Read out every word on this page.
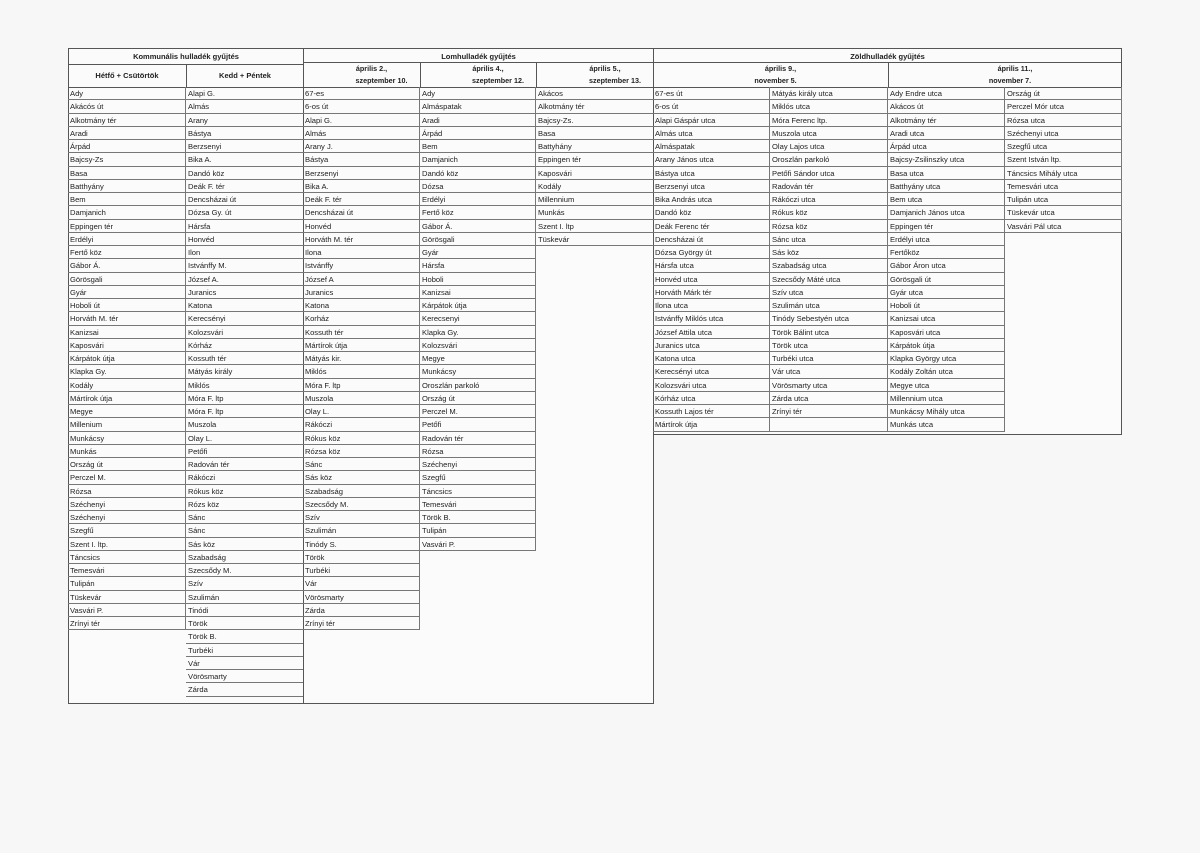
Kommunális hulladék gyűjtés
Hétfő + Csütörtök	Kedd + Péntek
Ady
Akácós út
Alkotmány tér
Aradi
Árpád
Bajcsy-Zs
Basa
Batthyány
Bem
Damjanich
Eppingen tér
Erdélyi
Fertő köz
Gábor Á.
Görösgali
Gyár
Hoboli út
Horváth M. tér
Kanizsai
Kaposvári
Kárpátok útja
Klapka Gy.
Kodály
Mártírok útja
Megye
Millenium
Munkácsy
Munkás
Ország út
Perczel M.
Rózsa
Széchenyi
Széchenyi
Szegfű
Szent I. ltp.
Táncsics
Temesvári
Tulipán
Tüskevár
Vasvári P.
Zrínyi tér
Alapi G.
Almás
Arany
Bástya
Berzsenyi
Bika A.
Dandó köz
Deák F. tér
Dencsházai út
Dózsa Gy. út
Hársfa
Honvéd
Ilon
Istvánffy M.
József A.
Juranics
Katona
Kerecsényi
Kolozsvári
Kórház
Kossuth tér
Mátyás király
Miklós
Móra F. ltp
Móra F. ltp
Muszola
Olay L.
Petőfi
Radován tér
Rákóczi
Rókus köz
Rózs köz
Sánc
Sánc
Sás köz
Szabadság
Szecsődy M.
Szív
Szulimán
Tinódi
Török
Török B.
Turbéki
Vár
Vörösmarty
Zárda
Lomhulladék gyűjtés
április 2.,
szeptember 10.
április 4.,
szeptember 12.
április 5.,
szeptember 13.
67-es
6-os út
Alapi G.
Almás
Arany J.
Bástya
Berzsenyi
Bika A.
Deák F. tér
Dencsházai út
Honvéd
Horváth M. tér
Ilona
Istvánffy
József A
Juranics
Katona
Korház
Kossuth tér
Mártírok útja
Mátyás kir.
Miklós
Móra F. ltp
Muszola
Olay L.
Rákóczi
Rókus köz
Rózsa köz
Sánc
Sás köz
Szabadság
Szecsődy M.
Szív
Szulimán
Tinódy S.
Török
Turbéki
Vár
Vörösmarty
Zárda
Zrínyi tér
Ady
Almáspatak
Aradi
Árpád
Bem
Damjanich
Dandó köz
Dózsa
Erdélyi
Fertő köz
Gábor Á.
Görösgali
Gyár
Hársfa
Hoboli
Kanizsai
Kárpátok útja
Kerecsenyi
Klapka Gy.
Kolozsvári
Megye
Munkácsy
Oroszlán parkoló
Ország út
Perczel M.
Petőfi
Radován tér
Rózsa
Széchenyi
Szegfű
Táncsics
Temesvári
Török B.
Tulipán
Vasvári P.
Akácos
Alkotmány tér
Bajcsy-Zs.
Basa
Battyhány
Eppingen tér
Kaposvári
Kodály
Millennium
Munkás
Szent I. ltp
Tüskevár
Zöldhulladék gyűjtés
április 9.,
november 5.
április 11.,
november 7.
67-es út
6-os út
Alapi Gáspár utca
Almás utca
Almáspatak
Arany János utca
Bástya utca
Berzsenyi utca
Bika András utca
Dandó köz
Deák Ferenc tér
Dencsházai út
Dózsa György út
Hársfa utca
Honvéd utca
Horváth Márk tér
Ilona utca
Istvánffy Miklós utca
József Attila utca
Juranics utca
Katona utca
Kerecsényi utca
Kolozsvári utca
Kórház utca
Kossuth Lajos tér
Mártírok útja
Mátyás király utca
Miklós utca
Móra Ferenc ltp.
Muszola utca
Olay Lajos utca
Oroszlán parkoló
Petőfi Sándor utca
Radován tér
Rákóczi utca
Rókus köz
Rózsa köz
Sánc utca
Sás köz
Szabadság utca
Szecsődy Máté utca
Szív utca
Szulimán utca
Tinódy Sebestyén utca
Török Bálint utca
Török utca
Turbéki utca
Vár utca
Vörösmarty utca
Zárda utca
Zrínyi tér
Ady Endre utca
Akácos út
Alkotmány tér
Aradi utca
Árpád utca
Bajcsy-Zsilinszky utca
Basa utca
Batthyány utca
Bem utca
Damjanich János utca
Eppingen tér
Erdélyi utca
Fertőköz
Gábor Áron utca
Görösgali út
Gyár utca
Hoboli út
Kanizsai utca
Kaposvári utca
Kárpátok útja
Klapka György utca
Kodály Zoltán utca
Megye utca
Millennium utca
Munkácsy Mihály utca
Munkás utca
Ország út
Perczel Mór utca
Rózsa utca
Széchenyi utca
Szegfű utca
Szent István ltp.
Táncsics Mihály utca
Temesvári utca
Tulipán utca
Tüskevár utca
Vasvári Pál utca
